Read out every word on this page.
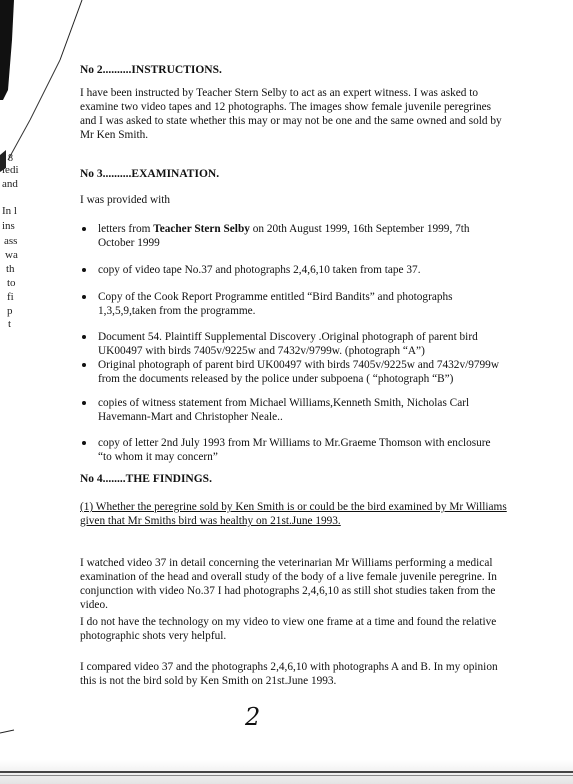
8
ledi
and
In l
ins
ass
wa
th
to
fi
p
t
No 2..........INSTRUCTIONS.
I have been instructed by Teacher Stern Selby to act as an expert witness. I was asked to examine two video tapes and 12 photographs. The images show female juvenile peregrines and I was asked to state whether this may or may not be one and the same owned and sold by Mr Ken Smith.
No 3..........EXAMINATION.
I was provided with
letters from Teacher Stern Selby on 20th August 1999, 16th September 1999, 7th October 1999
copy of video tape No.37 and photographs 2,4,6,10 taken from tape 37.
Copy of the Cook Report Programme entitled “Bird Bandits” and photographs 1,3,5,9,taken from the programme.
Document 54. Plaintiff Supplemental Discovery .Original photograph of parent bird UK00497 with birds 7405v/9225w and 7432v/9799w. (photograph “A”)
Original photograph of parent bird UK00497 with birds 7405v/9225w and 7432v/9799w from the documents released by the police under subpoena ( “photograph “B”)
copies of witness statement from Michael Williams,Kenneth Smith, Nicholas Carl Havemann-Mart and Christopher Neale..
copy of letter 2nd July 1993 from Mr Williams to Mr.Graeme Thomson with enclosure “to whom it may concern”
No 4........THE FINDINGS.
(1) Whether the peregrine sold by Ken Smith is or could be the bird examined by Mr Williams given that Mr Smiths bird was healthy on 21st.June 1993.
I watched video 37 in detail concerning the veterinarian Mr Williams performing a medical examination of the head and overall study of the body of a live female juvenile peregrine. In conjunction with video No.37 I had photographs 2,4,6,10 as still shot studies taken from the video.
I do not have the technology on my video to view one frame at a time and found the relative photographic shots very helpful.
I compared video 37 and the photographs 2,4,6,10 with photographs A and B. In my opinion this is not the bird sold by Ken Smith on 21st.June 1993.
2
